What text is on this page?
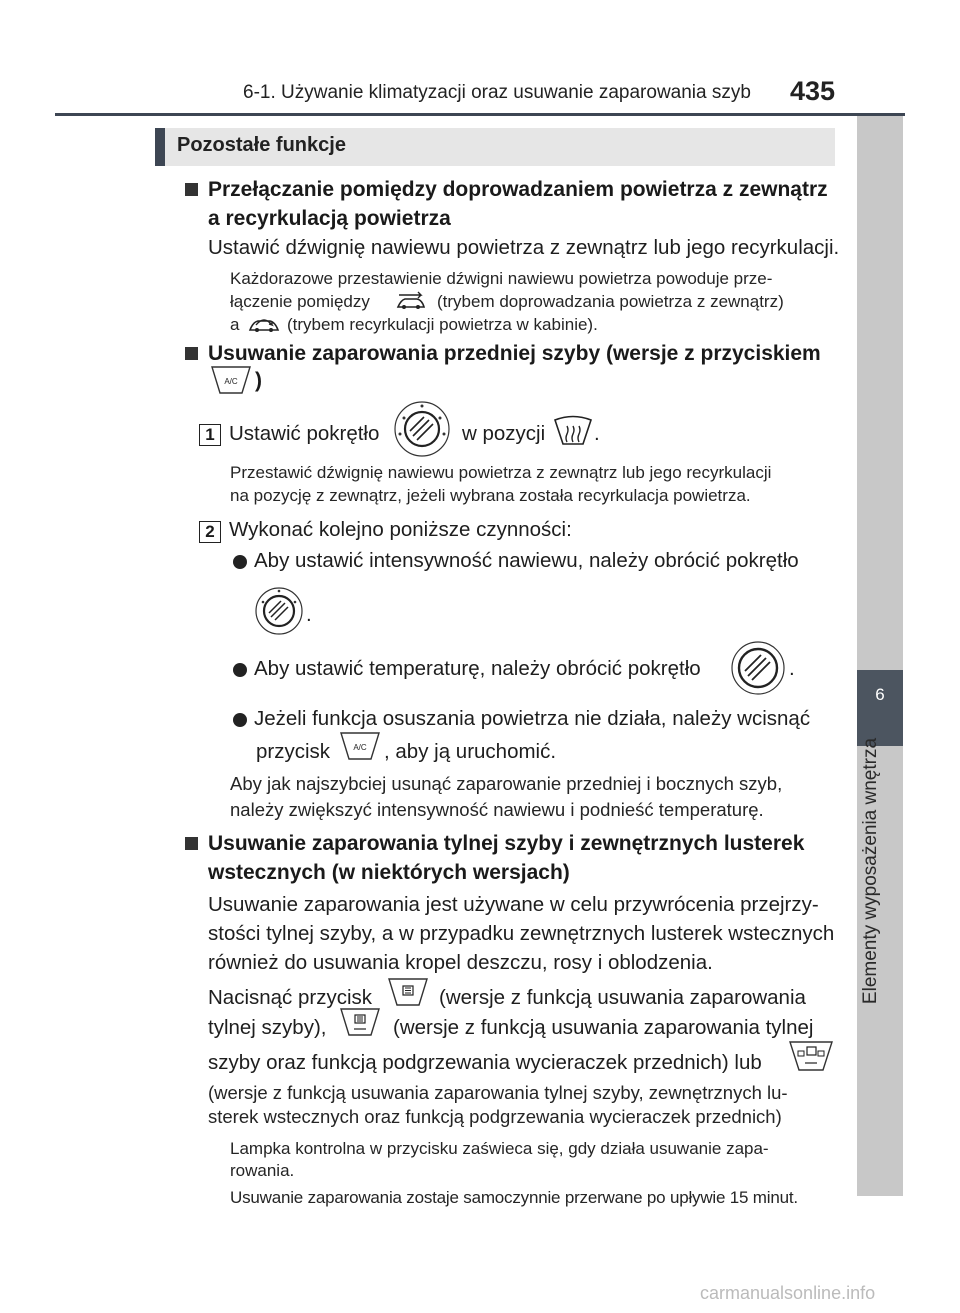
6-1. Używanie klimatyzacji oraz usuwanie zaparowania szyb	435
6
Elementy wyposażenia wnętrza
Pozostałe funkcje
Przełączanie pomiędzy doprowadzaniem powietrza z zewnątrz
a recyrkulacją powietrza
Ustawić dźwignię nawiewu powietrza z zewnątrz lub jego recyrkulacji.
Każdorazowe przestawienie dźwigni nawiewu powietrza powoduje prze-
łączenie pomiędzy	(trybem doprowadzania powietrza z zewnątrz)
a	(trybem recyrkulacji powietrza w kabinie).
Usuwanie zaparowania przedniej szyby (wersje z przyciskiem
A/C )
1 Ustawić pokrętło	w pozycji .
Przestawić dźwignię nawiewu powietrza z zewnątrz lub jego recyrkulacji
na pozycję z zewnątrz, jeżeli wybrana została recyrkulacja powietrza.
2 Wykonać kolejno poniższe czynności:
Aby ustawić intensywność nawiewu, należy obrócić pokrętło
.
Aby ustawić temperaturę, należy obrócić pokrętło	.
Jeżeli funkcja osuszania powietrza nie działa, należy wcisnąć
przycisk	A/C , aby ją uruchomić.
Aby jak najszybciej usunąć zaparowanie przedniej i bocznych szyb,
należy zwiększyć intensywność nawiewu i podnieść temperaturę.
Usuwanie zaparowania tylnej szyby i zewnętrznych lusterek
wstecznych (w niektórych wersjach)
Usuwanie zaparowania jest używane w celu przywrócenia przejrzy-
stości tylnej szyby, a w przypadku zewnętrznych lusterek wstecznych
również do usuwania kropel deszczu, rosy i oblodzenia.
Nacisnąć przycisk	(wersje z funkcją usuwania zaparowania
tylnej szyby),	(wersje z funkcją usuwania zaparowania tylnej
szyby oraz funkcją podgrzewania wycieraczek przednich) lub
(wersje z funkcją usuwania zaparowania tylnej szyby, zewnętrznych lu-
sterek wstecznych oraz funkcją podgrzewania wycieraczek przednich)
Lampka kontrolna w przycisku zaświeca się, gdy działa usuwanie zapa-
rowania.
Usuwanie zaparowania zostaje samoczynnie przerwane po upływie 15 minut.
carmanualsonline.info
